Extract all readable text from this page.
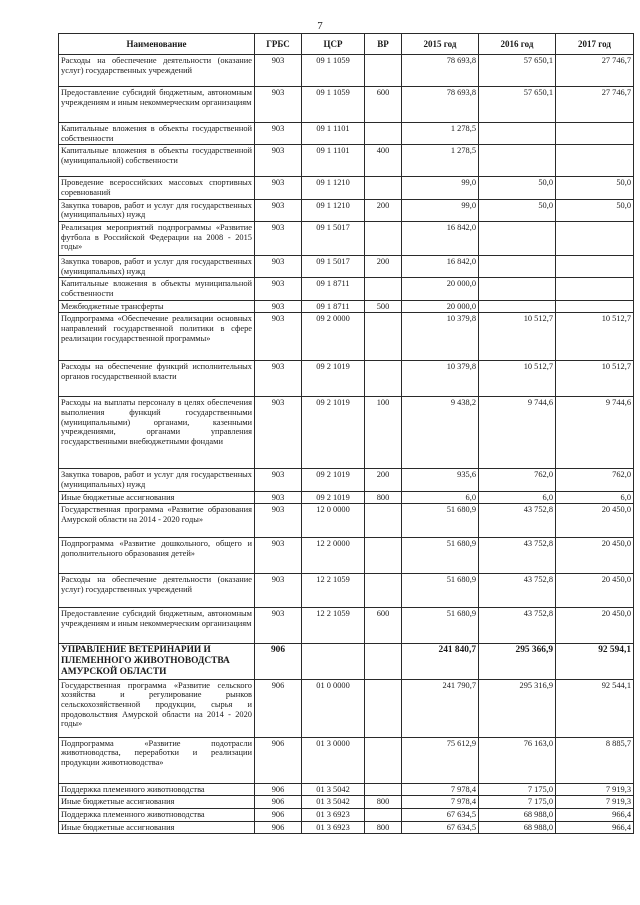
7
Наименование	ГРБС	ЦСР	ВР	2015 год	2016 год	2017 год
Расходы на обеспечение деятельности (оказание услуг) государственных учреждений	903	09 1 1059		78 693,8	57 650,1	27 746,7
Предоставление субсидий бюджетным, автономным учреждениям и иным некоммерческим организациям	903	09 1 1059	600	78 693,8	57 650,1	27 746,7
Капитальные вложения в объекты государственной собственности	903	09 1 1101		1 278,5		
Капитальные вложения в объекты государственной (муниципальной) собственности	903	09 1 1101	400	1 278,5		
Проведение всероссийских массовых спортивных соревнований	903	09 1 1210		99,0	50,0	50,0
Закупка товаров, работ и услуг для государственных (муниципальных) нужд	903	09 1 1210	200	99,0	50,0	50,0
Реализация мероприятий подпрограммы «Развитие футбола в Российской Федерации на 2008 - 2015 годы»	903	09 1 5017		16 842,0		
Закупка товаров, работ и услуг для государственных (муниципальных) нужд	903	09 1 5017	200	16 842,0		
Капитальные вложения в объекты муниципальной собственности	903	09 1 8711		20 000,0		
Межбюджетные трансферты	903	09 1 8711	500	20 000,0		
Подпрограмма «Обеспечение реализации основных направлений государственной политики в сфере реализации государственной программы»	903	09 2 0000		10 379,8	10 512,7	10 512,7
Расходы на обеспечение функций исполнительных органов государственной власти	903	09 2 1019		10 379,8	10 512,7	10 512,7
Расходы на выплаты персоналу в целях обеспечения выполнения функций государственными (муниципальными) органами, казенными учреждениями, органами управления государственными внебюджетными фондами	903	09 2 1019	100	9 438,2	9 744,6	9 744,6
Закупка товаров, работ и услуг для государственных (муниципальных) нужд	903	09 2 1019	200	935,6	762,0	762,0
Иные бюджетные ассигнования	903	09 2 1019	800	6,0	6,0	6,0
Государственная программа «Развитие образования Амурской области на 2014 - 2020 годы»	903	12 0 0000		51 680,9	43 752,8	20 450,0
Подпрограмма «Развитие дошкольного, общего и дополнительного образования детей»	903	12 2 0000		51 680,9	43 752,8	20 450,0
Расходы на обеспечение деятельности (оказание услуг) государственных учреждений	903	12 2 1059		51 680,9	43 752,8	20 450,0
Предоставление субсидий бюджетным, автономным учреждениям и иным некоммерческим организациям	903	12 2 1059	600	51 680,9	43 752,8	20 450,0
УПРАВЛЕНИЕ ВЕТЕРИНАРИИ И ПЛЕМЕННОГО ЖИВОТНОВОДСТВА АМУРСКОЙ ОБЛАСТИ	906			241 840,7	295 366,9	92 594,1
Государственная программа «Развитие сельского хозяйства и регулирование рынков сельскохозяйственной продукции, сырья и продовольствия Амурской области на 2014 - 2020 годы»	906	01 0 0000		241 790,7	295 316,9	92 544,1
Подпрограмма «Развитие подотрасли животноводства, переработки и реализации продукции животноводства»	906	01 3 0000		75 612,9	76 163,0	8 885,7
Поддержка племенного животноводства	906	01 3 5042		7 978,4	7 175,0	7 919,3
Иные бюджетные ассигнования	906	01 3 5042	800	7 978,4	7 175,0	7 919,3
Поддержка племенного животноводства	906	01 3 6923		67 634,5	68 988,0	966,4
Иные бюджетные ассигнования	906	01 3 6923	800	67 634,5	68 988,0	966,4
